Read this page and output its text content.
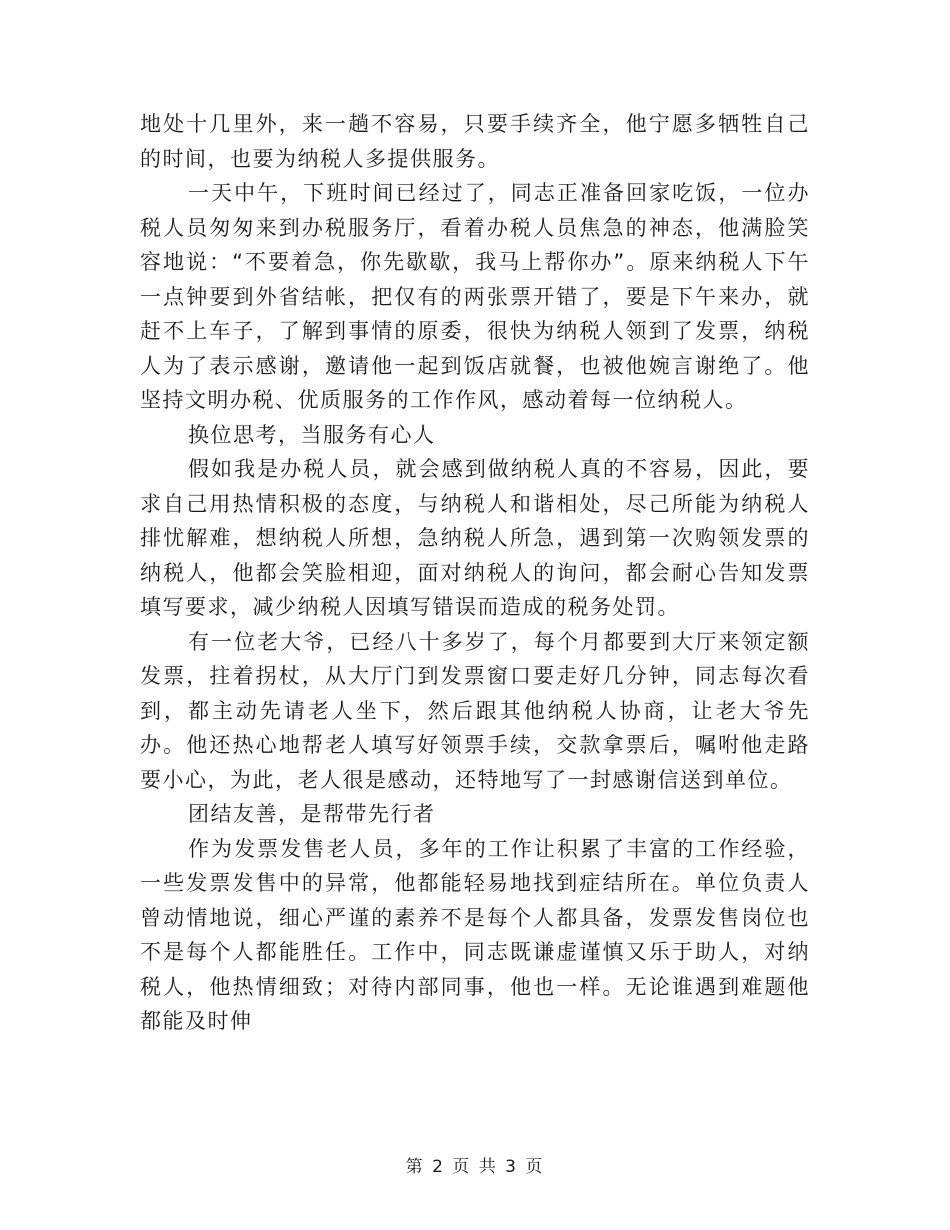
地处十几里外，来一趟不容易，只要手续齐全，他宁愿多牺牲自己的时间，也要为纳税人多提供服务。

一天中午，下班时间已经过了，同志正准备回家吃饭，一位办税人员匆匆来到办税服务厅，看着办税人员焦急的神态，他满脸笑容地说：“不要着急，你先歇歇，我马上帮你办”。原来纳税人下午一点钟要到外省结帐，把仅有的两张票开错了，要是下午来办，就赶不上车子，了解到事情的原委，很快为纳税人领到了发票，纳税人为了表示感谢，邀请他一起到饭店就餐，也被他婉言谢绝了。他坚持文明办税、优质服务的工作作风，感动着每一位纳税人。

换位思考，当服务有心人

假如我是办税人员，就会感到做纳税人真的不容易，因此，要求自己用热情积极的态度，与纳税人和谐相处，尽己所能为纳税人排忧解难，想纳税人所想，急纳税人所急，遇到第一次购领发票的纳税人，他都会笑脸相迎，面对纳税人的询问，都会耐心告知发票填写要求，减少纳税人因填写错误而造成的税务处罚。

有一位老大爷，已经八十多岁了，每个月都要到大厅来领定额发票，拄着拐杖，从大厅门到发票窗口要走好几分钟，同志每次看到，都主动先请老人坐下，然后跟其他纳税人协商，让老大爷先办。他还热心地帮老人填写好领票手续，交款拿票后，嘱咐他走路要小心，为此，老人很是感动，还特地写了一封感谢信送到单位。

团结友善，是帮带先行者

作为发票发售老人员，多年的工作让积累了丰富的工作经验，一些发票发售中的异常，他都能轻易地找到症结所在。单位负责人曾动情地说，细心严谨的素养不是每个人都具备，发票发售岗位也不是每个人都能胜任。工作中，同志既谦虚谨慎又乐于助人，对纳税人，他热情细致；对待内部同事，他也一样。无论谁遇到难题他都能及时伸

第 2 页 共 3 页
